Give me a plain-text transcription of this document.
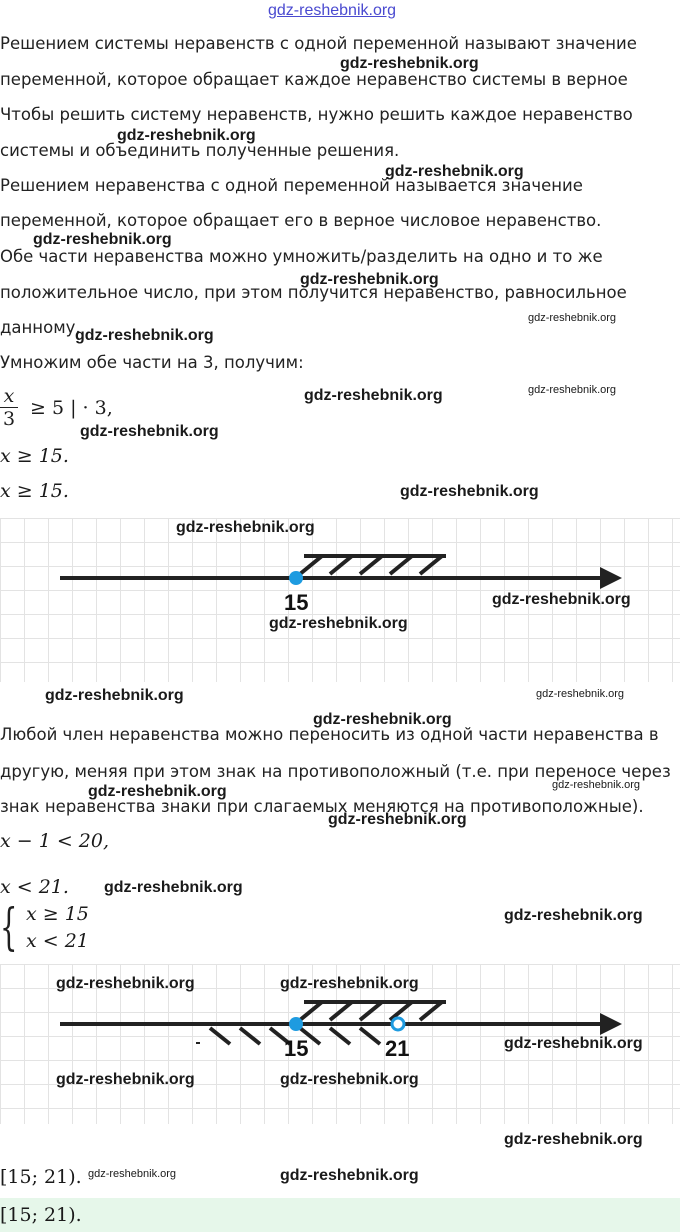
gdz-reshebnik.org
Решением системы неравенств с одной переменной называют значение
переменной, которое обращает каждое неравенство системы в верное
Чтобы решить систему неравенств, нужно решить каждое неравенство
системы и объединить полученные решения.
Решением неравенства с одной переменной называется значение
переменной, которое обращает его в верное числовое неравенство.
Обе части неравенства можно умножить/разделить на одно и то же
положительное число, при этом получится неравенство, равносильное
данному.
Умножим обе части на 3, получим:
x
3 ≥ 5 | · 3,
x ≥ 15.
x ≥ 15.
15
Любой член неравенства можно переносить из одной части неравенства в
другую, меняя при этом знак на противоположный (т.е. при переносе через
знак неравенства знаки при слагаемых меняются на противоположные).
x − 1 < 20,
x < 21.
{ x ≥ 15
x < 21
15	21
[15; 21).
[15; 21).
gdz-reshebnik.org
gdz-reshebnik.org
gdz-reshebnik.org
gdz-reshebnik.org
gdz-reshebnik.org
gdz-reshebnik.org
gdz-reshebnik.org
gdz-reshebnik.org	gdz-reshebnik.org
gdz-reshebnik.org
gdz-reshebnik.org
gdz-reshebnik.org
gdz-reshebnik.org
gdz-reshebnik.org
gdz-reshebnik.org	gdz-reshebnik.org
gdz-reshebnik.org
gdz-reshebnik.org
gdz-reshebnik.org
gdz-reshebnik.org
gdz-reshebnik.org
gdz-reshebnik.org
gdz-reshebnik.org	gdz-reshebnik.org
gdz-reshebnik.org
gdz-reshebnik.org	gdz-reshebnik.org
gdz-reshebnik.org
gdz-reshebnik.org	gdz-reshebnik.org
